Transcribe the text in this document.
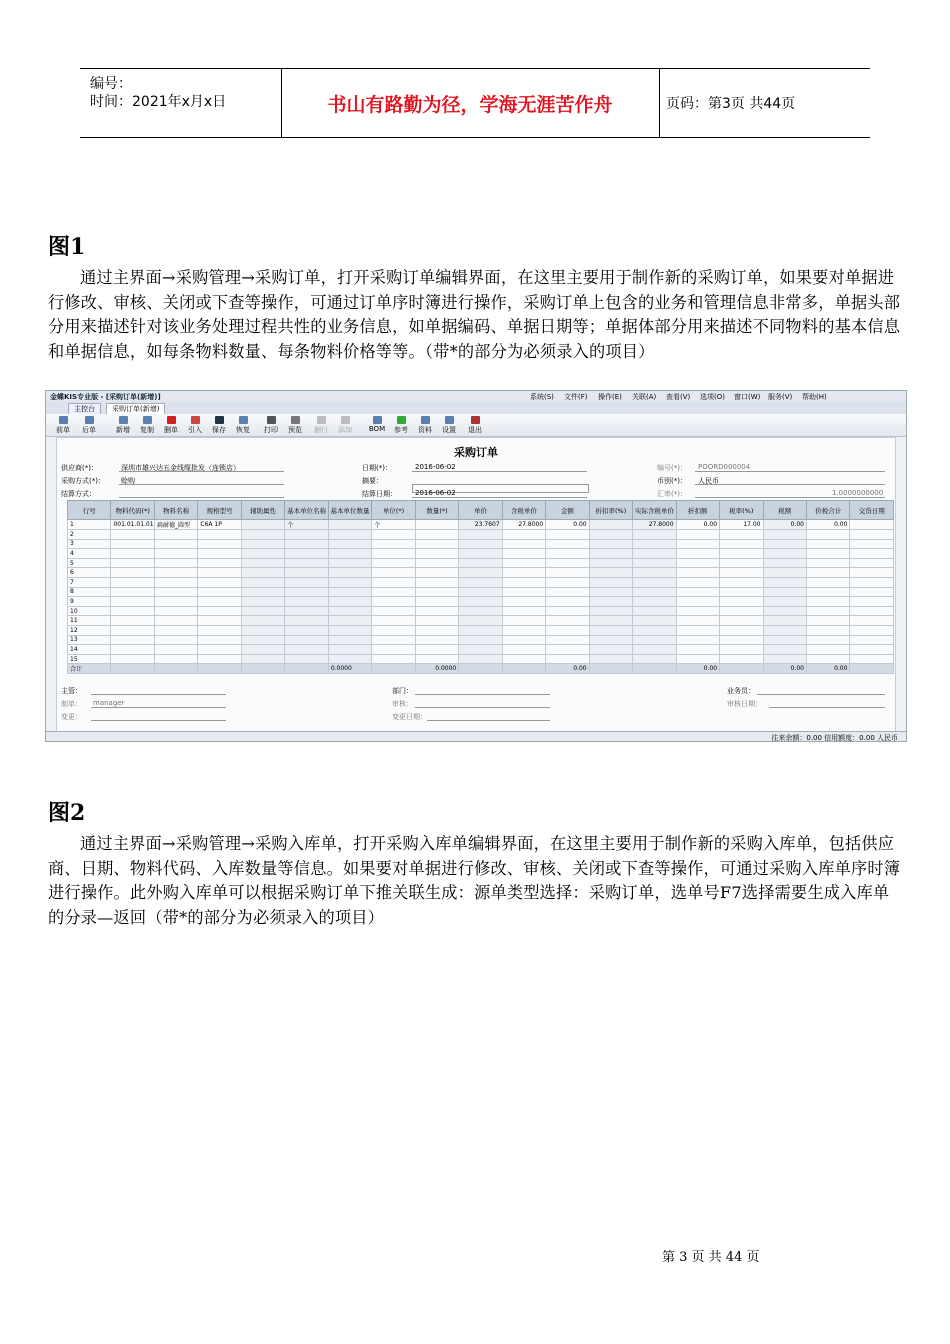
编号：
时间：2021年x月x日	书山有路勤为径，学海无涯苦作舟	页码：第3页 共44页
图1

通过主界面→采购管理→采购订单，打开采购订单编辑界面，在这里主要用于制作新的采购订单，如果要对单据进行修改、审核、关闭或下查等操作，可通过订单序时簿进行操作，采购订单上包含的业务和管理信息非常多，单据头部分用来描述针对该业务处理过程共性的业务信息，如单据编码、单据日期等；单据体部分用来描述不同物料的基本信息和单据信息，如每条物料数量、每条物料价格等等。（带*的部分为必须录入的项目）

金蝶KIS专业版 - [采购订单(新增)]	系统(S) 文件(F) 操作(E) 关联(A) 查看(V) 选项(O) 窗口(W) 服务(V) 帮助(H)
主控台	采购订单(新增)
前单	后单	新增	复制	删单	引入	保存	恢复	打印	预览	删行	添加	BOM	参考	资料	设置	退出
采购订单
供应商(*)：	深圳市雄兴达五金线缆批发（连锁店）	日期(*)：	2016-06-02	编号(*)： POORD000004
采购方式(*)： 赊购	摘要：	币别(*)： 人民币
结算方式：	结算日期：	2016-06-02	汇率(*)：	1.0000000000
行号	物料代码(*)	物料名称	规格型号	辅助属性	基本单位名称	基本单位数量	单位(*)	数量(*)	单价	含税单价	金额	折扣率(%)	实际含税单价	折扣额	税率(%)	税额	价税合计	交货日期
1	001.01.01.01	扁耐德_圆型	C6A 1P		个		个		23.7607	27.8000	0.00		27.8000	0.00	17.00	0.00	0.00	
2																		
3																		
4																		
5																		
6																		
7																		
8																		
9																		
10																		
11																		
12																		
13																		
14																		
15																		
合计						0.0000		0.0000			0.00			0.00		0.00	0.00	
主管：	部门：	业务员：
制单： manager	审核：	审核日期：
变更：	变更日期：
往来余额：0.00 信用额度：0.00 人民币
图2

通过主界面→采购管理→采购入库单，打开采购入库单编辑界面，在这里主要用于制作新的采购入库单，包括供应商、日期、物料代码、入库数量等信息。如果要对单据进行修改、审核、关闭或下查等操作，可通过采购入库单序时簿进行操作。此外购入库单可以根据采购订单下推关联生成：源单类型选择：采购订单，选单号F7选择需要生成入库单的分录—返回（带*的部分为必须录入的项目）

第 3 页 共 44 页
